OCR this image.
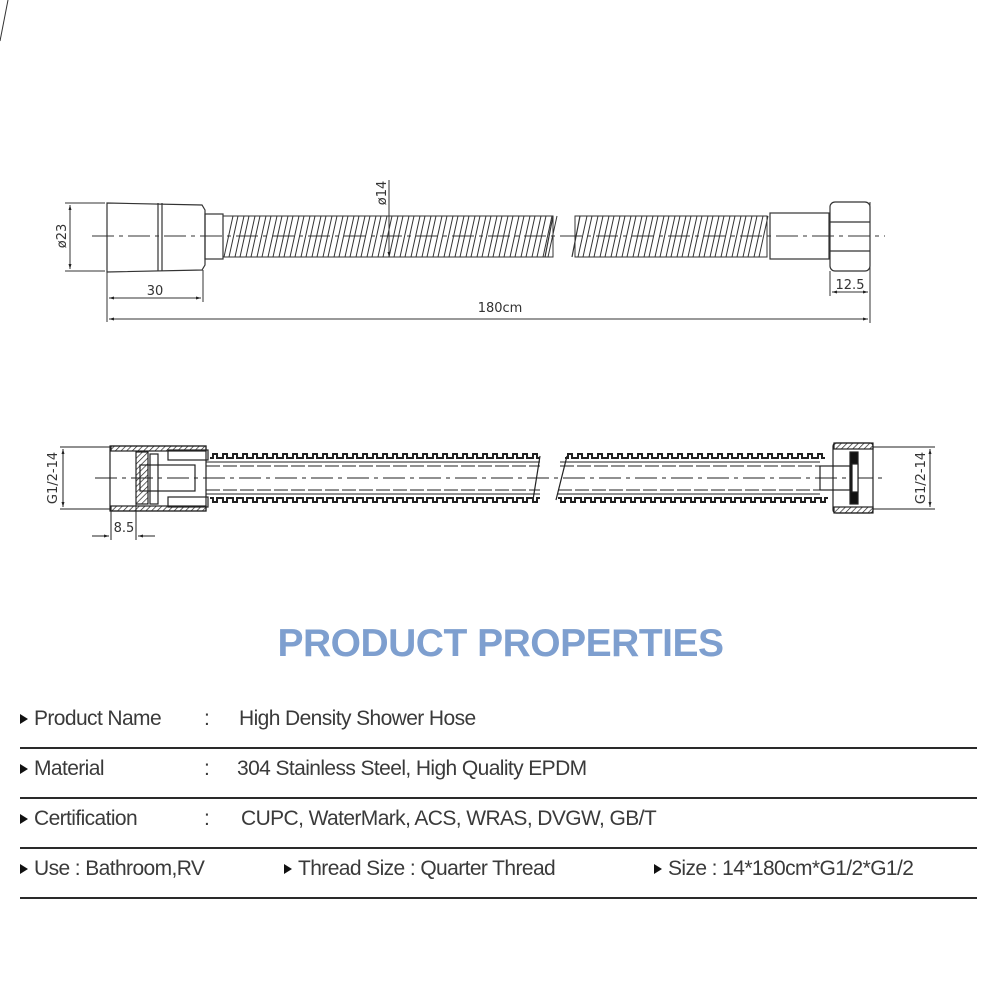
ø23
ø14
30	12.5
180cm
G1/2-14	G1/2-14
8.5
PRODUCT PROPERTIES
Product Name : High Density Shower Hose
Material	: 304 Stainless Steel, High Quality EPDM
Certification	: CUPC, WaterMark, ACS, WRAS, DVGW, GB/T
Use : Bathroom,RV	Thread Size : Quarter Thread	Size : 14*180cm*G1/2*G1/2
